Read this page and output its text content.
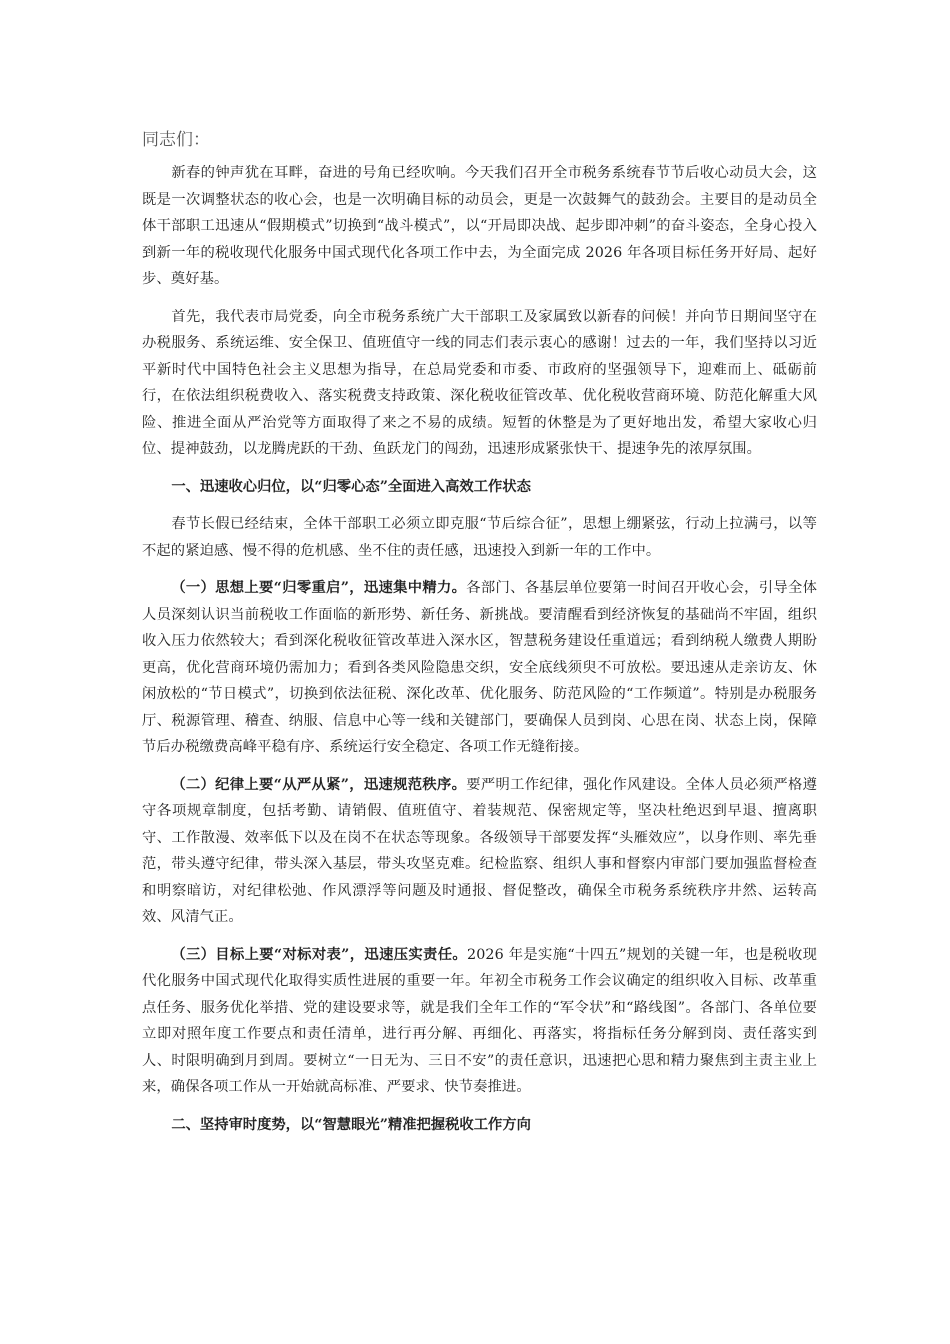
同志们：

新春的钟声犹在耳畔，奋进的号角已经吹响。今天我们召开全市税务系统春节节后收心动员大会，这既是一次调整状态的收心会，也是一次明确目标的动员会，更是一次鼓舞气的鼓劲会。主要目的是动员全体干部职工迅速从“假期模式”切换到“战斗模式”，以“开局即决战、起步即冲刺”的奋斗姿态，全身心投入到新一年的税收现代化服务中国式现代化各项工作中去，为全面完成 2026 年各项目标任务开好局、起好步、奠好基。

首先，我代表市局党委，向全市税务系统广大干部职工及家属致以新春的问候！并向节日期间坚守在办税服务、系统运维、安全保卫、值班值守一线的同志们表示衷心的感谢！过去的一年，我们坚持以习近平新时代中国特色社会主义思想为指导，在总局党委和市委、市政府的坚强领导下，迎难而上、砥砺前行，在依法组织税费收入、落实税费支持政策、深化税收征管改革、优化税收营商环境、防范化解重大风险、推进全面从严治党等方面取得了来之不易的成绩。短暂的休整是为了更好地出发，希望大家收心归位、提神鼓劲，以龙腾虎跃的干劲、鱼跃龙门的闯劲，迅速形成紧张快干、提速争先的浓厚氛围。

一、迅速收心归位，以“归零心态”全面进入高效工作状态

春节长假已经结束，全体干部职工必须立即克服“节后综合征”，思想上绷紧弦，行动上拉满弓，以等不起的紧迫感、慢不得的危机感、坐不住的责任感，迅速投入到新一年的工作中。

（一）思想上要“归零重启”，迅速集中精力。各部门、各基层单位要第一时间召开收心会，引导全体人员深刻认识当前税收工作面临的新形势、新任务、新挑战。要清醒看到经济恢复的基础尚不牢固，组织收入压力依然较大；看到深化税收征管改革进入深水区，智慧税务建设任重道远；看到纳税人缴费人期盼更高，优化营商环境仍需加力；看到各类风险隐患交织，安全底线须臾不可放松。要迅速从走亲访友、休闲放松的“节日模式”，切换到依法征税、深化改革、优化服务、防范风险的“工作频道”。特别是办税服务厅、税源管理、稽查、纳服、信息中心等一线和关键部门，要确保人员到岗、心思在岗、状态上岗，保障节后办税缴费高峰平稳有序、系统运行安全稳定、各项工作无缝衔接。

（二）纪律上要“从严从紧”，迅速规范秩序。要严明工作纪律，强化作风建设。全体人员必须严格遵守各项规章制度，包括考勤、请销假、值班值守、着装规范、保密规定等，坚决杜绝迟到早退、擅离职守、工作散漫、效率低下以及在岗不在状态等现象。各级领导干部要发挥“头雁效应”，以身作则、率先垂范，带头遵守纪律，带头深入基层，带头攻坚克难。纪检监察、组织人事和督察内审部门要加强监督检查和明察暗访，对纪律松弛、作风漂浮等问题及时通报、督促整改，确保全市税务系统秩序井然、运转高效、风清气正。

（三）目标上要“对标对表”，迅速压实责任。2026 年是实施“十四五”规划的关键一年，也是税收现代化服务中国式现代化取得实质性进展的重要一年。年初全市税务工作会议确定的组织收入目标、改革重点任务、服务优化举措、党的建设要求等，就是我们全年工作的“军令状”和“路线图”。各部门、各单位要立即对照年度工作要点和责任清单，进行再分解、再细化、再落实，将指标任务分解到岗、责任落实到人、时限明确到月到周。要树立“一日无为、三日不安”的责任意识，迅速把心思和精力聚焦到主责主业上来，确保各项工作从一开始就高标准、严要求、快节奏推进。

二、坚持审时度势，以“智慧眼光”精准把握税收工作方向
